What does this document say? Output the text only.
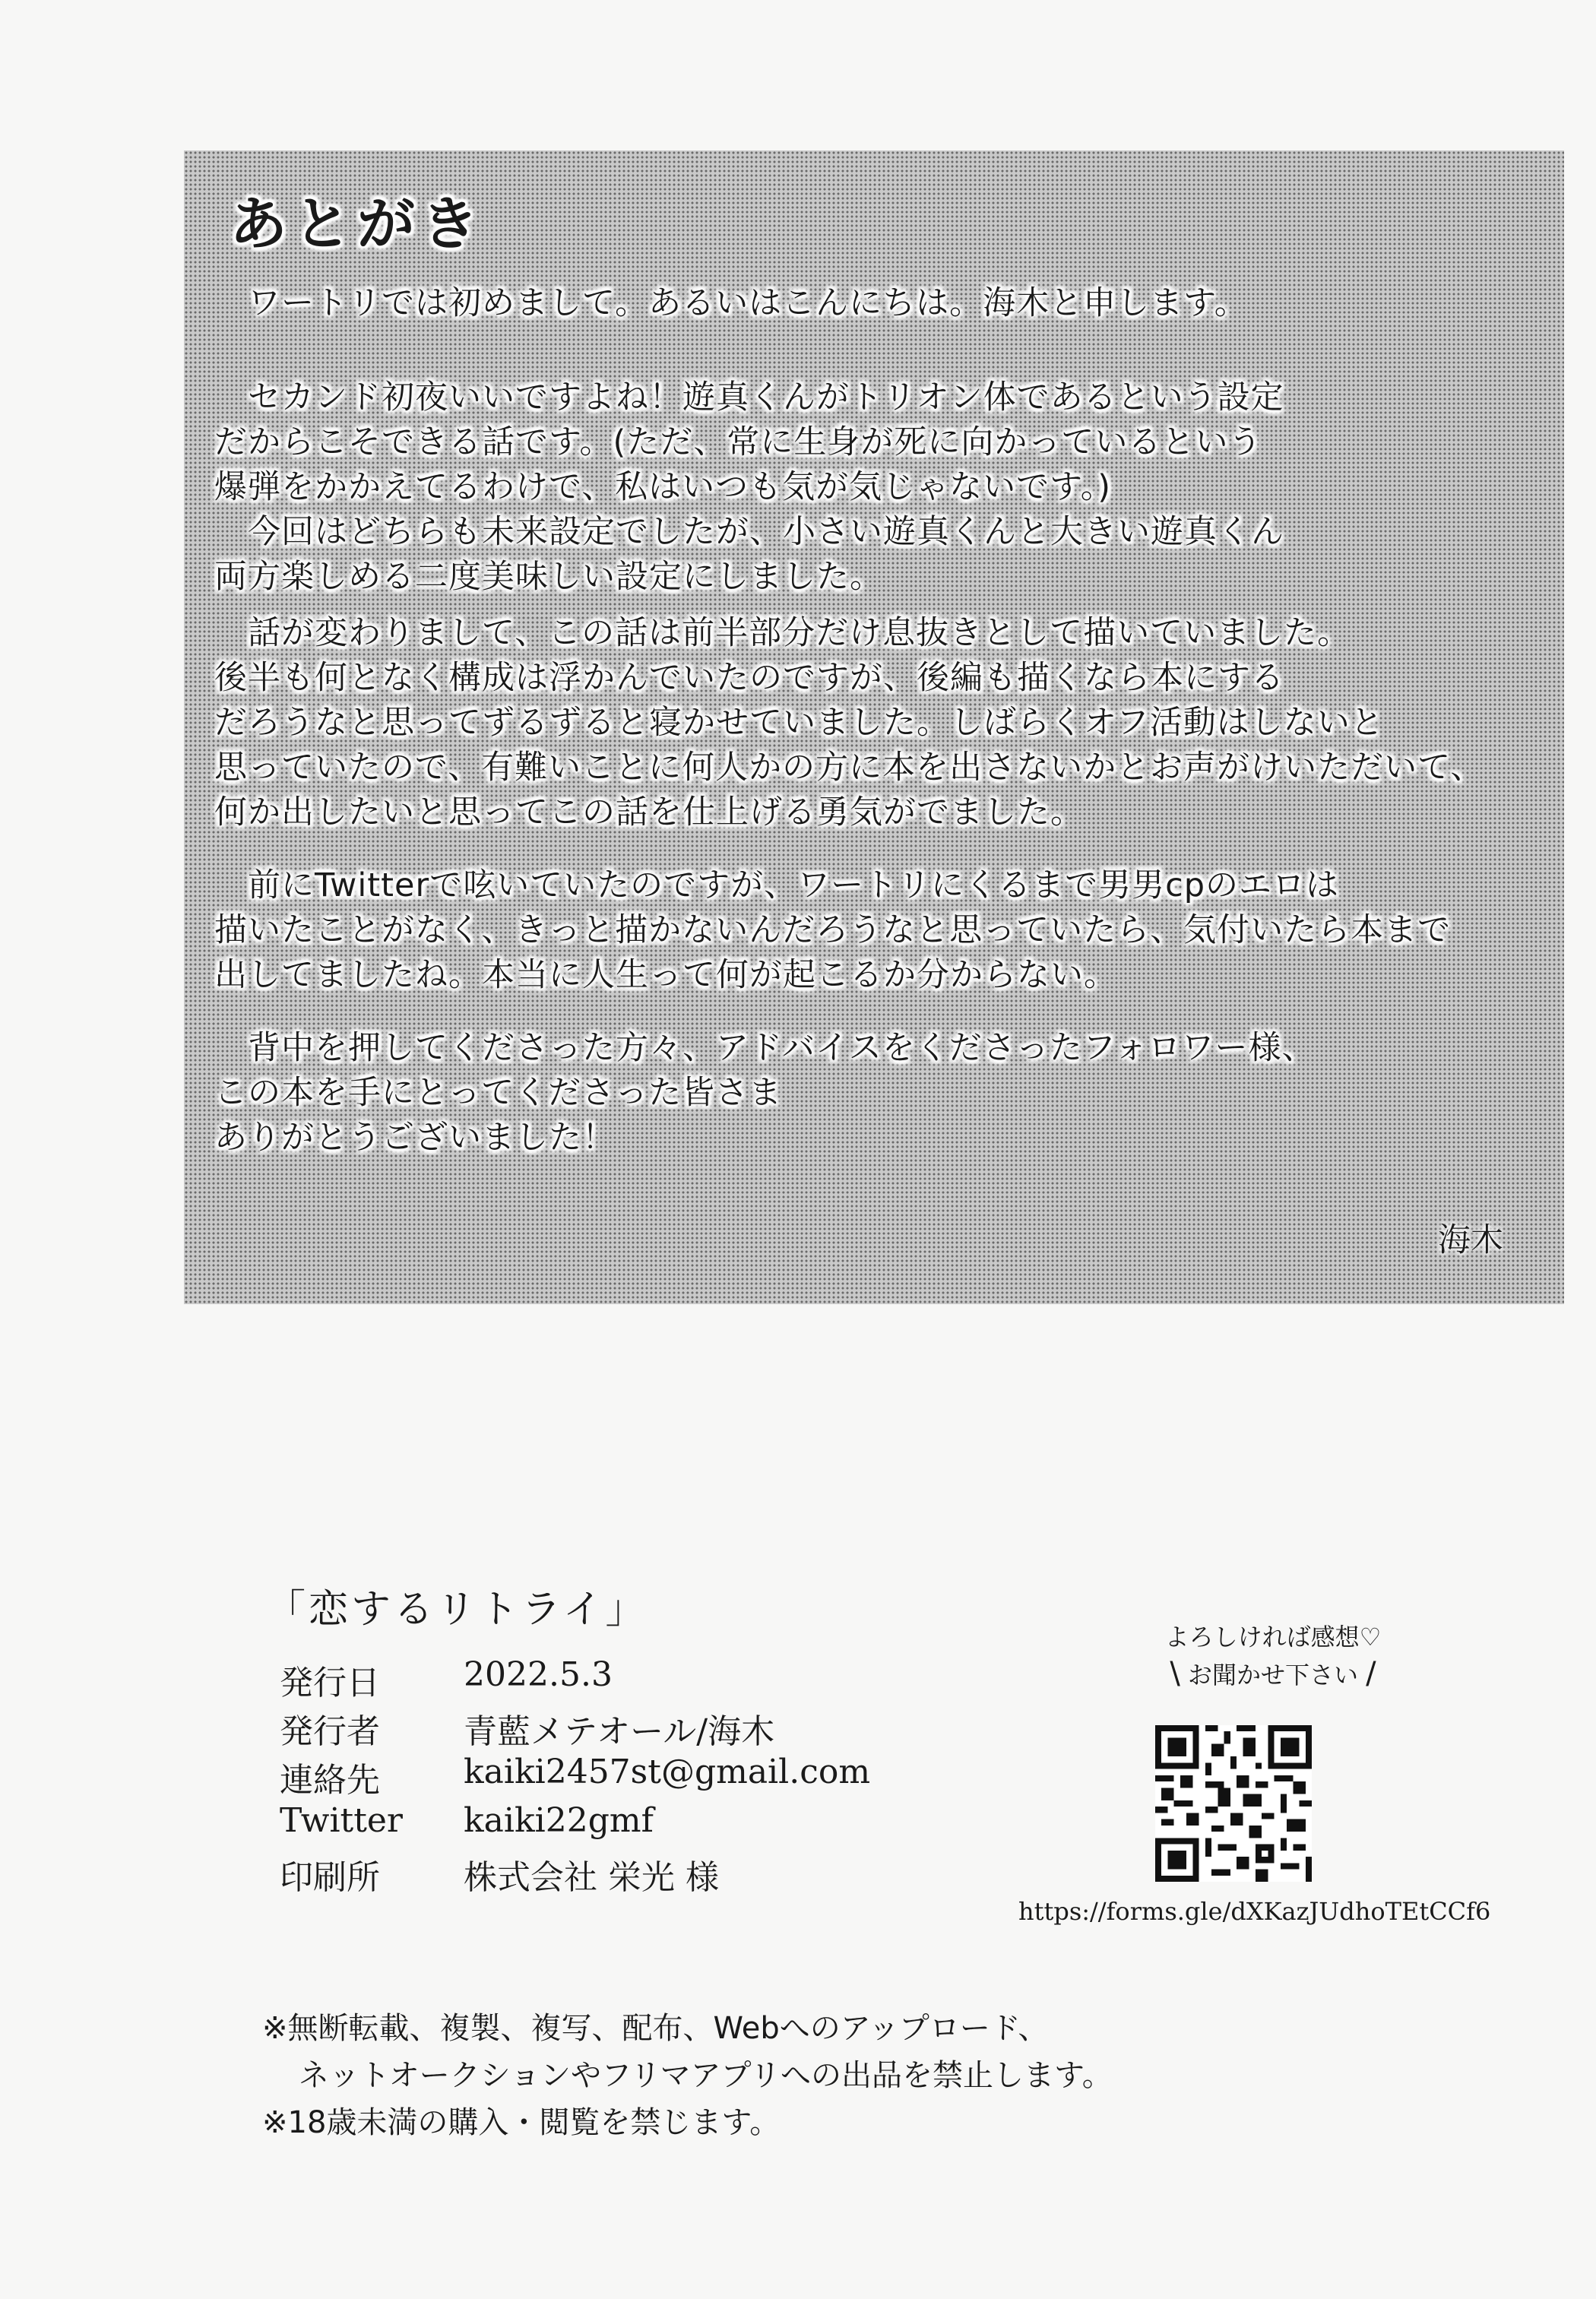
あとがき
　ワートリでは初めまして。あるいはこんにちは。海木と申します。
　セカンド初夜いいですよね！遊真くんがトリオン体であるという設定
だからこそできる話です。(ただ、常に生身が死に向かっているという
爆弾をかかえてるわけで、私はいつも気が気じゃないです。)
　今回はどちらも未来設定でしたが、小さい遊真くんと大きい遊真くん
両方楽しめる二度美味しい設定にしました。
　話が変わりまして、この話は前半部分だけ息抜きとして描いていました。
後半も何となく構成は浮かんでいたのですが、後編も描くなら本にする
だろうなと思ってずるずると寝かせていました。しばらくオフ活動はしないと
思っていたので、有難いことに何人かの方に本を出さないかとお声がけいただいて、
何か出したいと思ってこの話を仕上げる勇気がでました。
　前にTwitterで呟いていたのですが、ワートリにくるまで男男cpのエロは
描いたことがなく、きっと描かないんだろうなと思っていたら、気付いたら本まで
出してましたね。本当に人生って何が起こるか分からない。
　背中を押してくださった方々、アドバイスをくださったフォロワー様、
この本を手にとってくださった皆さま
ありがとうございました！
海木
「恋するリトライ」
発行日	2022.5.3
発行者	青藍メテオール/海木
連絡先	kaiki2457st@gmail.com
Twitter kaiki22gmf
印刷所	株式会社 栄光 様
よろしければ感想♡
\ お聞かせ下さい /
https://forms.gle/dXKazJUdhoTEtCCf6
※無断転載、複製、複写、配布、Webへのアップロード、
ネットオークションやフリマアプリへの出品を禁止します。
※18歳未満の購入・閲覧を禁じます。
